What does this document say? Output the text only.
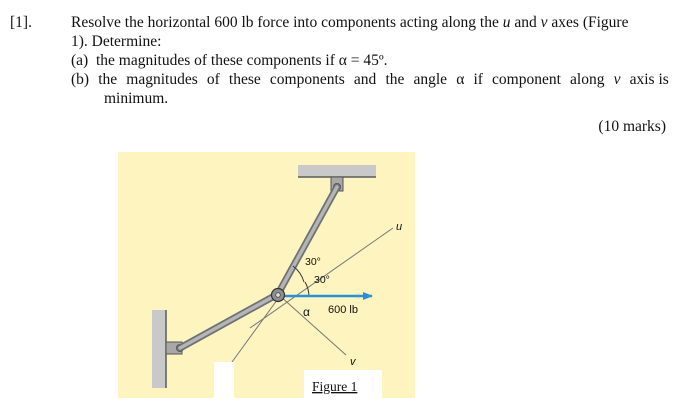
[1].	Resolve the horizontal 600 lb force into components acting along the u and v axes (Figure
1). Determine:
(a) the magnitudes of these components if α = 45º.
(b) the magnitudes of these components and the angle α if component along v axis is
minimum.
(10 marks)
30°
30°
600 lb
α
u
v
Figure 1
